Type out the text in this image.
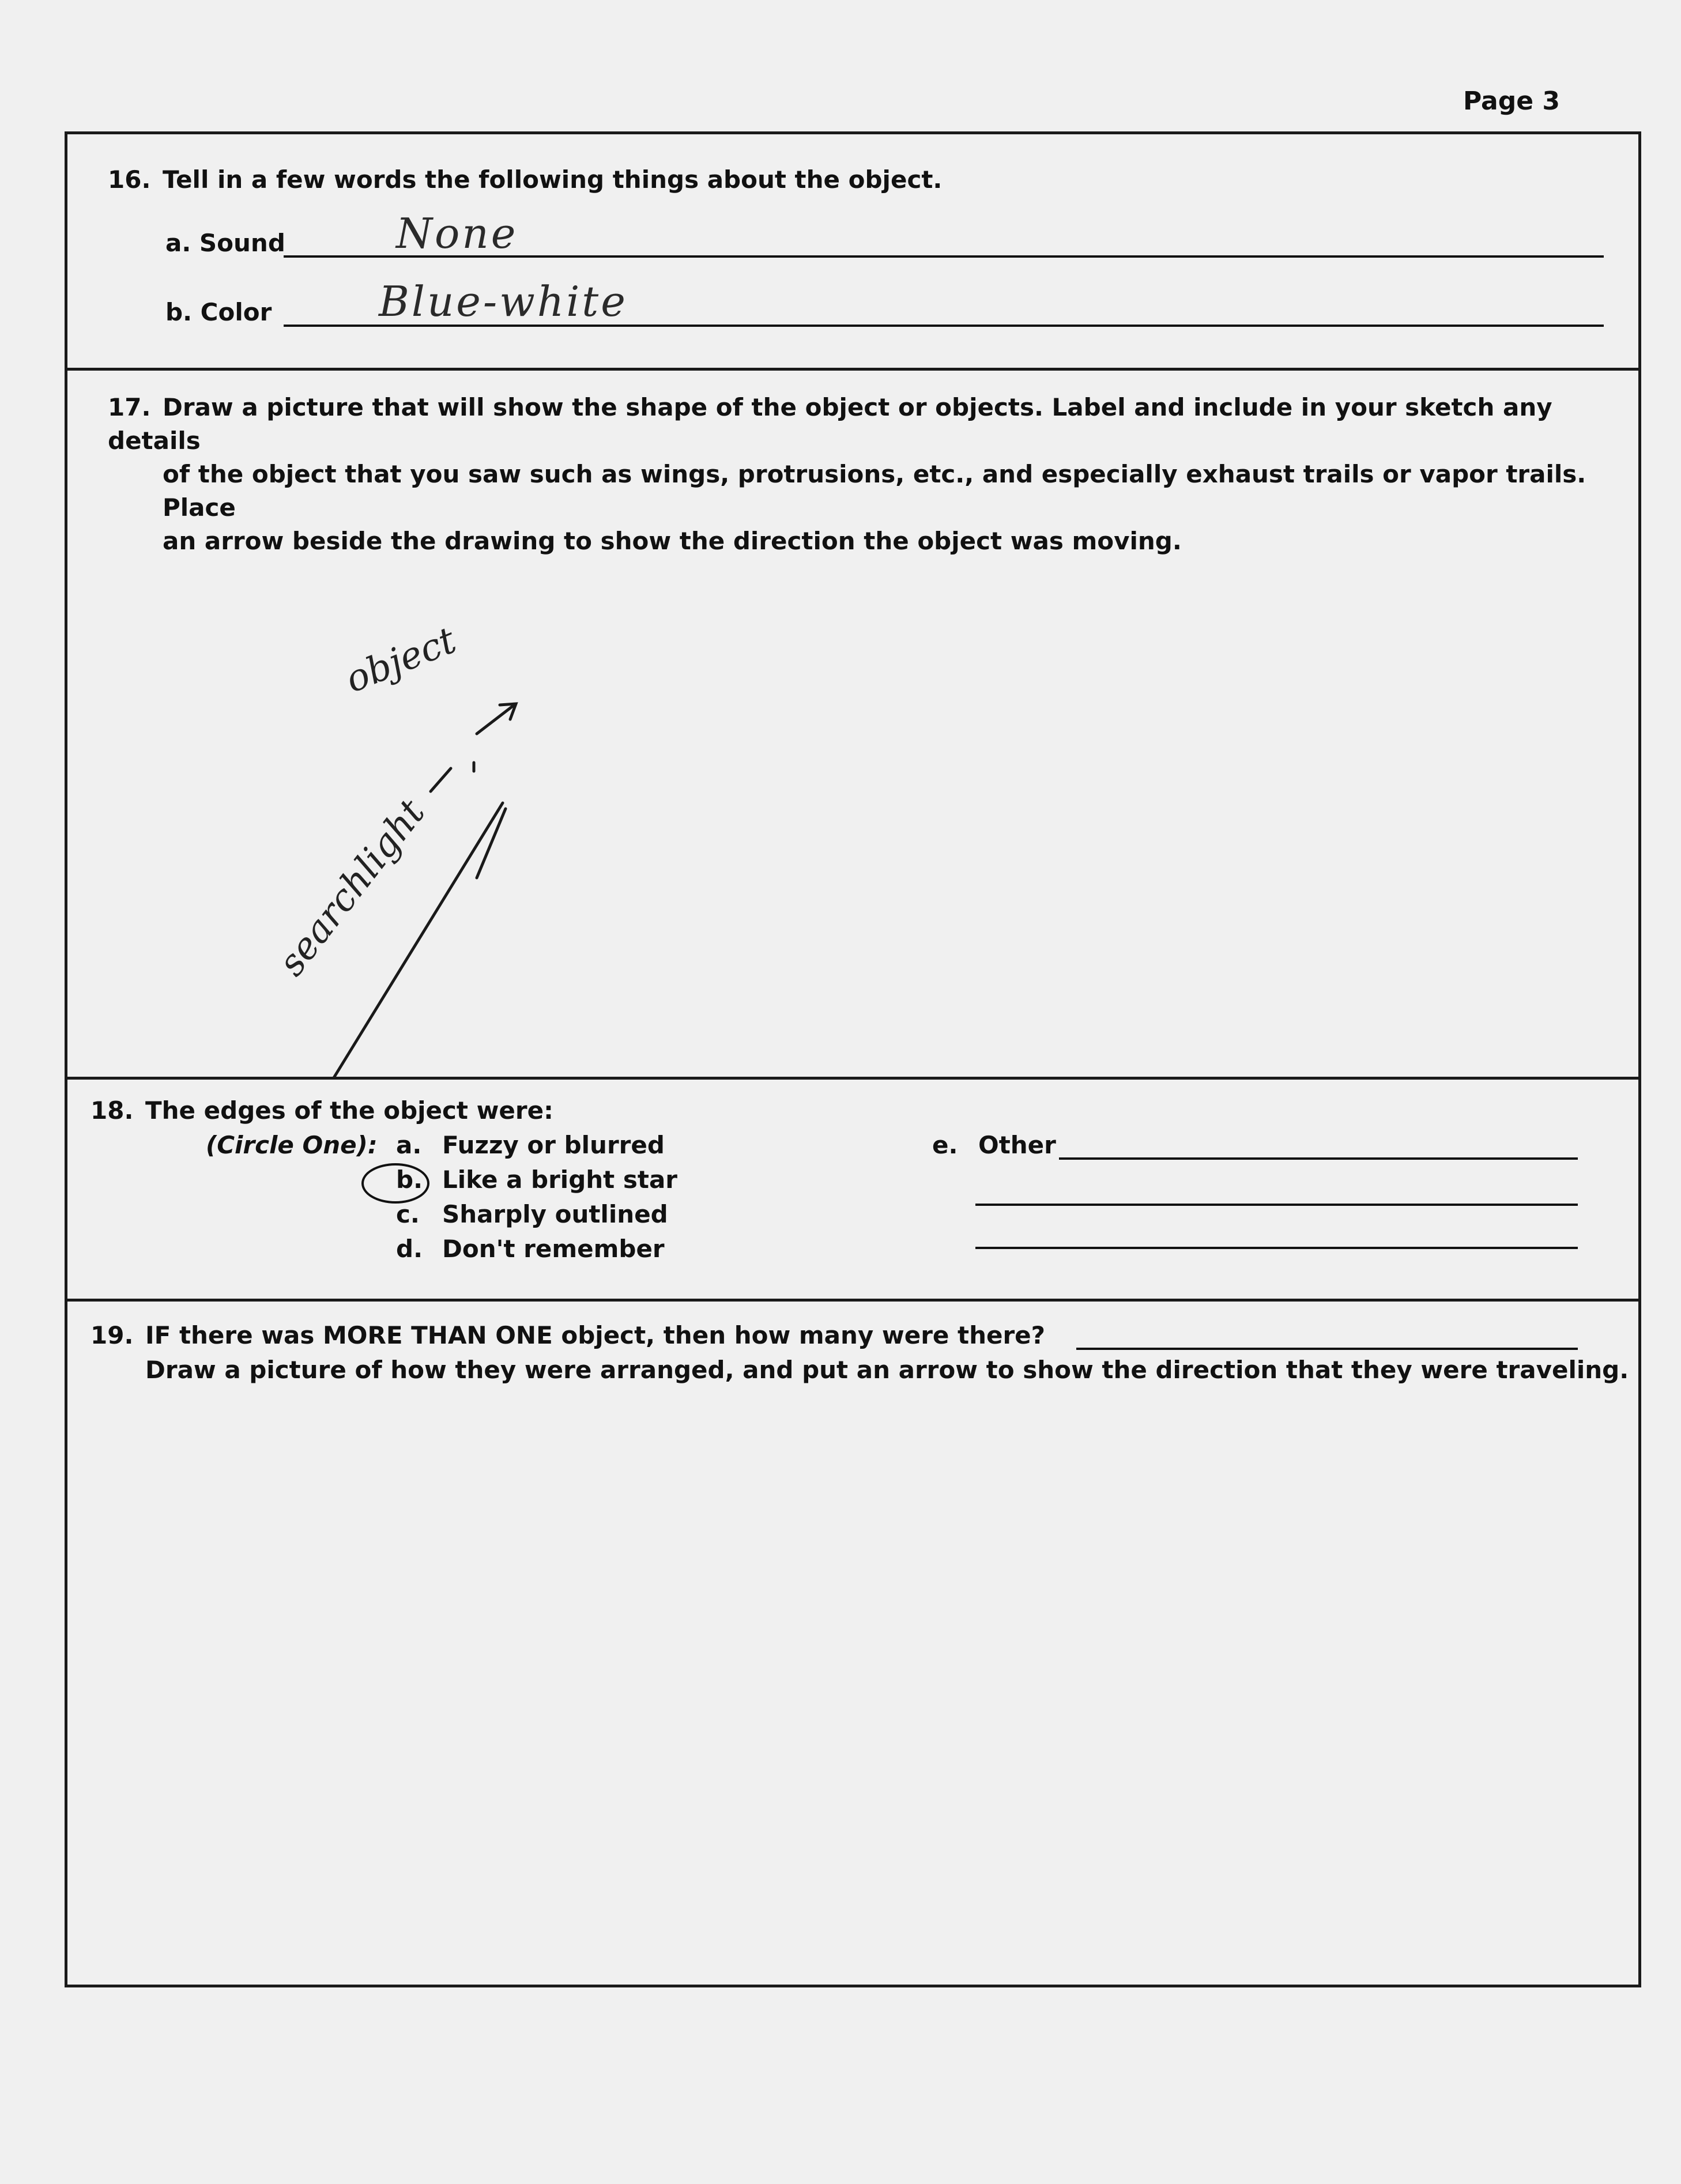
Page 3
16. Tell in a few words the following things about the object.
a. Sound	None
b. Color	Blue-white
17. Draw a picture that will show the shape of the object or objects. Label and include in your sketch any details
of the object that you saw such as wings, protrusions, etc., and especially exhaust trails or vapor trails. Place
an arrow beside the drawing to show the direction the object was moving.
object
searchlight
18. The edges of the object were:
(Circle One): a. Fuzzy or blurred
b. Like a bright star
c. Sharply outlined
d. Don't remember
e. Other
19. IF there was MORE THAN ONE object, then how many were there?
Draw a picture of how they were arranged, and put an arrow to show the direction that they were traveling.
